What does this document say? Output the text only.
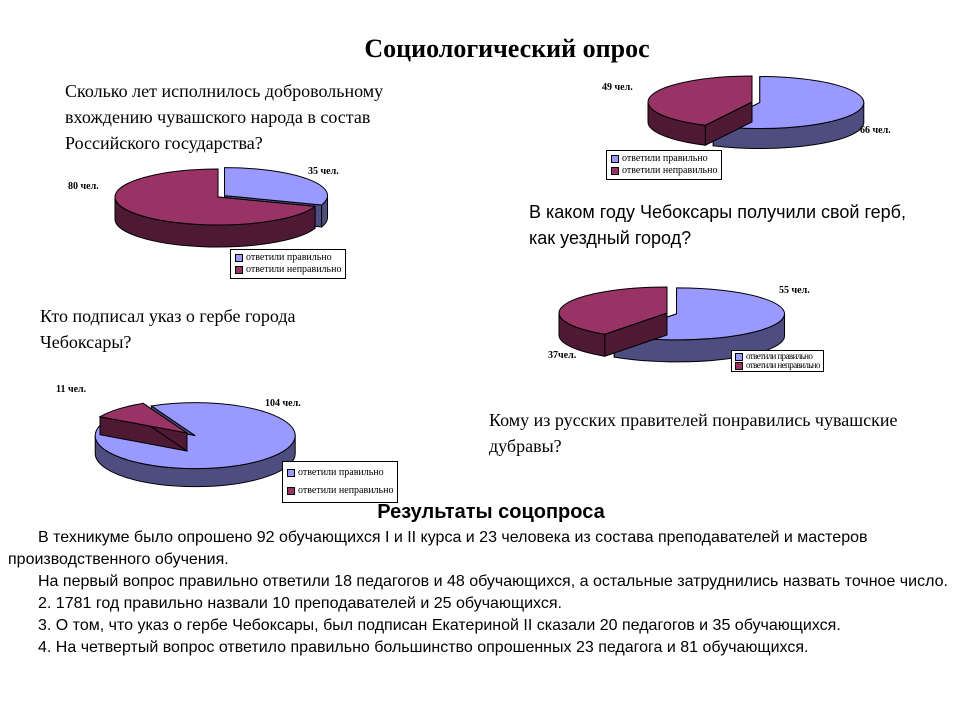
Социологический опрос
Сколько лет исполнилось добровольному вхождению чувашского народа в состав Российского государства?
В каком году Чебоксары получили свой герб, как уездный город?
Кто подписал указ о гербе города Чебоксары?
Кому из русских правителей понравились чувашские дубравы?
35 чел.
80 чел.
66 чел.
49 чел.
104 чел.
11 чел.
55 чел.
37чел.
ответили правильно
ответили неправильно
ответили правильно
ответили неправильно
ответили правильно
ответили неправильно
ответили правильно
ответили неправильно
Результаты соцопроса

В техникуме было опрошено 92 обучающихся I и II курса и 23 человека из состава преподавателей и мастеров производственного обучения.

На первый вопрос правильно ответили 18 педагогов и 48 обучающихся, а остальные затруднились назвать точное число.

2. 1781 год правильно назвали 10 преподавателей и 25 обучающихся.

3. О том, что указ о гербе Чебоксары, был подписан Екатериной II сказали 20 педагогов и 35 обучающихся.

4. На четвертый вопрос ответило правильно большинство опрошенных 23 педагога и 81 обучающихся.
